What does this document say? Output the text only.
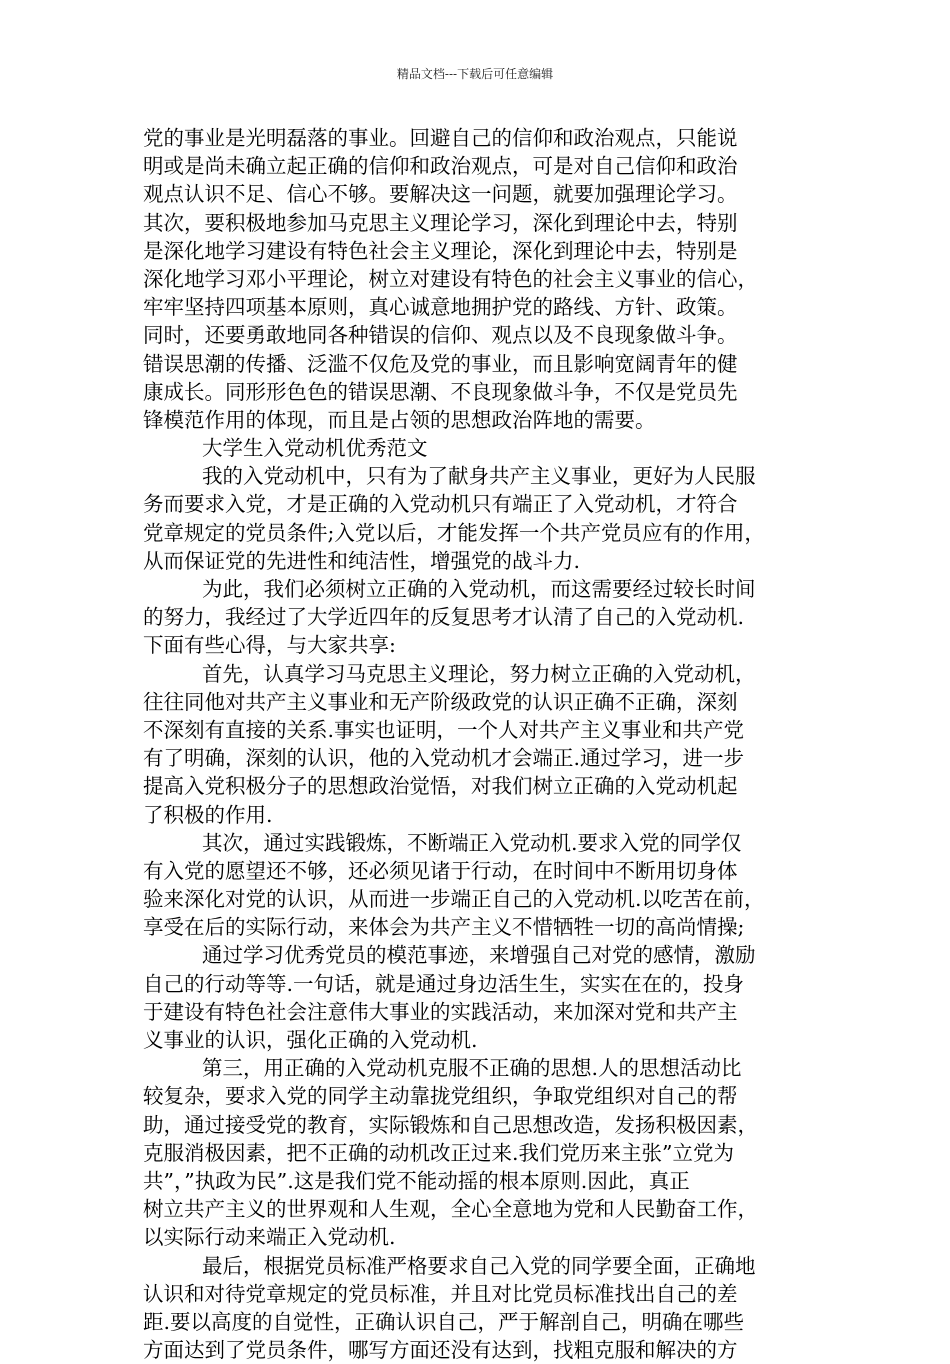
精品文档---下载后可任意编辑
党的事业是光明磊落的事业。回避自己的信仰和政治观点，只能说
明或是尚未确立起正确的信仰和政治观点，可是对自己信仰和政治
观点认识不足、信心不够。要解决这一问题，就要加强理论学习。
其次，要积极地参加马克思主义理论学习，深化到理论中去，特别
是深化地学习建设有特色社会主义理论，深化到理论中去，特别是
深化地学习邓小平理论，树立对建设有特色的社会主义事业的信心，
牢牢坚持四项基本原则，真心诚意地拥护党的路线、方针、政策。
同时，还要勇敢地同各种错误的信仰、观点以及不良现象做斗争。
错误思潮的传播、泛滥不仅危及党的事业，而且影响宽阔青年的健
康成长。同形形色色的错误思潮、不良现象做斗争，不仅是党员先
锋模范作用的体现，而且是占领的思想政治阵地的需要。
大学生入党动机优秀范文
我的入党动机中，只有为了献身共产主义事业，更好为人民服
务而要求入党，才是正确的入党动机只有端正了入党动机，才符合
党章规定的党员条件;入党以后，才能发挥一个共产党员应有的作用，
从而保证党的先进性和纯洁性，增强党的战斗力.
为此，我们必须树立正确的入党动机，而这需要经过较长时间
的努力，我经过了大学近四年的反复思考才认清了自己的入党动机.
下面有些心得，与大家共享:
首先，认真学习马克思主义理论，努力树立正确的入党动机，
往往同他对共产主义事业和无产阶级政党的认识正确不正确，深刻
不深刻有直接的关系.事实也证明，一个人对共产主义事业和共产党
有了明确，深刻的认识，他的入党动机才会端正.通过学习，进一步
提高入党积极分子的思想政治觉悟，对我们树立正确的入党动机起
了积极的作用.
其次，通过实践锻炼，不断端正入党动机.要求入党的同学仅
有入党的愿望还不够，还必须见诸于行动，在时间中不断用切身体
验来深化对党的认识，从而进一步端正自己的入党动机.以吃苦在前，
享受在后的实际行动，来体会为共产主义不惜牺牲一切的高尚情操;
通过学习优秀党员的模范事迹，来增强自己对党的感情，激励
自己的行动等等.一句话，就是通过身边活生生，实实在在的，投身
于建设有特色社会注意伟大事业的实践活动，来加深对党和共产主
义事业的认识，强化正确的入党动机.
第三，用正确的入党动机克服不正确的思想.人的思想活动比
较复杂，要求入党的同学主动靠拢党组织，争取党组织对自己的帮
助，通过接受党的教育，实际锻炼和自己思想改造，发扬积极因素，
克服消极因素，把不正确的动机改正过来.我们党历来主张”立党为
共”，”执政为民”.这是我们党不能动摇的根本原则.因此，真正
树立共产主义的世界观和人生观，全心全意地为党和人民勤奋工作，
以实际行动来端正入党动机.
最后，根据党员标准严格要求自己入党的同学要全面，正确地
认识和对待党章规定的党员标准，并且对比党员标准找出自己的差
距.要以高度的自觉性，正确认识自己，严于解剖自己，明确在哪些
方面达到了党员条件，哪写方面还没有达到，找粗克服和解决的方
